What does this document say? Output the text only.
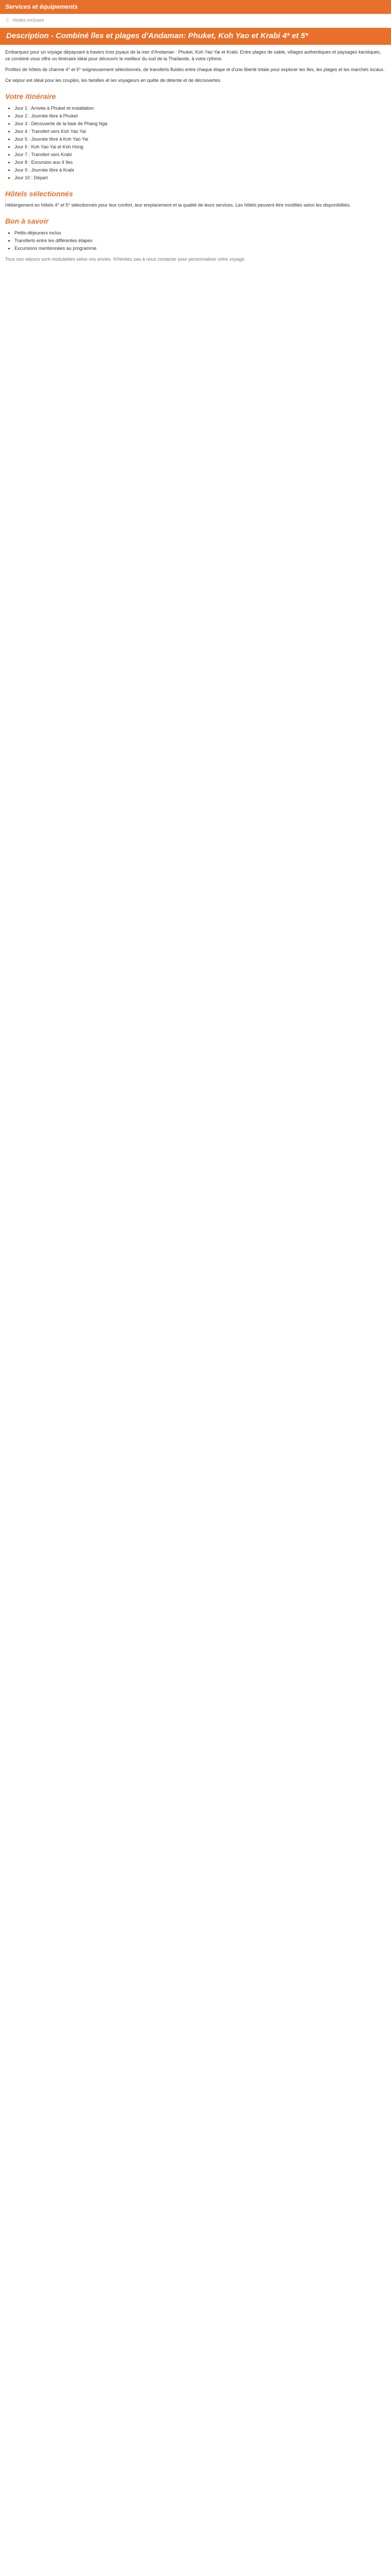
Services et équipements
ⓘ Visites incluses
Description - Combiné îles et plages d'Andaman: Phuket, Koh Yao et Krabi 4* et 5*

Embarquez pour un voyage dépaysant à travers trois joyaux de la mer d'Andaman : Phuket, Koh Yao Yai et Krabi. Entre plages de sable, villages authentiques et paysages karstiques, ce combiné vous offre un itinéraire idéal pour découvrir le meilleur du sud de la Thaïlande, à votre rythme.

Profitez de hôtels de charme 4* et 5* soigneusement sélectionnés, de transferts fluides entre chaque étape et d'une liberté totale pour explorer les îles, les plages et les marchés locaux.

Ce séjour est idéal pour les couples, les familles et les voyageurs en quête de détente et de découvertes.

Votre itinéraire
• Jour 1 : Arrivée à Phuket et installation
• Jour 2 : Journée libre à Phuket
• Jour 3 : Découverte de la baie de Phang Nga
• Jour 4 : Transfert vers Koh Yao Yai
• Jour 5 : Journée libre à Koh Yao Yai
• Jour 6 : Koh Yao Yai et Koh Hong
• Jour 7 : Transfert vers Krabi
• Jour 8 : Excursion aux 4 îles
• Jour 9 : Journée libre à Krabi
• Jour 10 : Départ
Hôtels sélectionnés

Hébergement en hôtels 4* et 5* sélectionnés pour leur confort, leur emplacement et la qualité de leurs services. Les hôtels peuvent être modifiés selon les disponibilités.

Bon à savoir
• Petits-déjeuners inclus
• Transferts entre les différentes étapes
• Excursions mentionnées au programme

Tous nos séjours sont modulables selon vos envies. N'hésitez pas à nous contacter pour personnaliser votre voyage.
